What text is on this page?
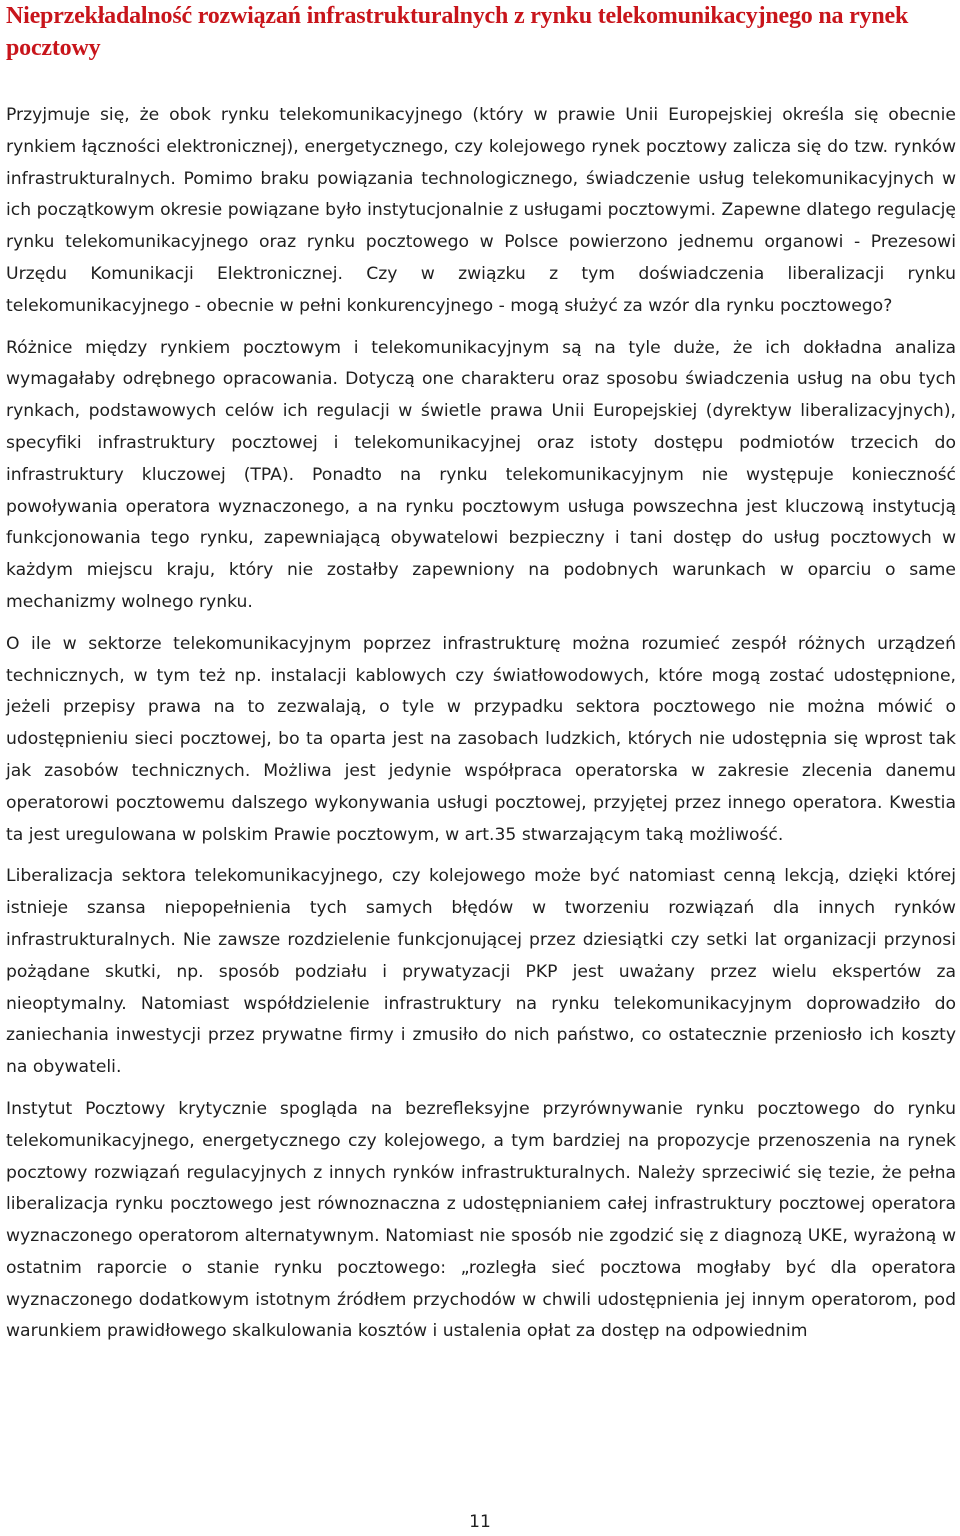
Nieprzekładalność rozwiązań infrastrukturalnych z rynku telekomunikacyjnego na rynek pocztowy

Przyjmuje się, że obok rynku telekomunikacyjnego (który w prawie Unii Europejskiej określa się obecnie rynkiem łączności elektronicznej), energetycznego, czy kolejowego rynek pocztowy zalicza się do tzw. rynków infrastrukturalnych. Pomimo braku powiązania technologicznego, świadczenie usług telekomunikacyjnych w ich początkowym okresie powiązane było instytucjonalnie z usługami pocztowymi. Zapewne dlatego regulację rynku telekomunikacyjnego oraz rynku pocztowego w Polsce powierzono jednemu organowi - Prezesowi Urzędu Komunikacji Elektronicznej. Czy w związku z tym doświadczenia liberalizacji rynku telekomunikacyjnego - obecnie w pełni konkurencyjnego - mogą służyć za wzór dla rynku pocztowego?

Różnice między rynkiem pocztowym i telekomunikacyjnym są na tyle duże, że ich dokładna analiza wymagałaby odrębnego opracowania. Dotyczą one charakteru oraz sposobu świadczenia usług na obu tych rynkach, podstawowych celów ich regulacji w świetle prawa Unii Europejskiej (dyrektyw liberalizacyjnych), specyfiki infrastruktury pocztowej i telekomunikacyjnej oraz istoty dostępu podmiotów trzecich do infrastruktury kluczowej (TPA). Ponadto na rynku telekomunikacyjnym nie występuje konieczność powoływania operatora wyznaczonego, a na rynku pocztowym usługa powszechna jest kluczową instytucją funkcjonowania tego rynku, zapewniającą obywatelowi bezpieczny i tani dostęp do usług pocztowych w każdym miejscu kraju, który nie zostałby zapewniony na podobnych warunkach w oparciu o same mechanizmy wolnego rynku.

O ile w sektorze telekomunikacyjnym poprzez infrastrukturę można rozumieć zespół różnych urządzeń technicznych, w tym też np. instalacji kablowych czy światłowodowych, które mogą zostać udostępnione, jeżeli przepisy prawa na to zezwalają, o tyle w przypadku sektora pocztowego nie można mówić o udostępnieniu sieci pocztowej, bo ta oparta jest na zasobach ludzkich, których nie udostępnia się wprost tak jak zasobów technicznych. Możliwa jest jedynie współpraca operatorska w zakresie zlecenia danemu operatorowi pocztowemu dalszego wykonywania usługi pocztowej, przyjętej przez innego operatora. Kwestia ta jest uregulowana w polskim Prawie pocztowym, w art.35 stwarzającym taką możliwość.

Liberalizacja sektora telekomunikacyjnego, czy kolejowego może być natomiast cenną lekcją, dzięki której istnieje szansa niepopełnienia tych samych błędów w tworzeniu rozwiązań dla innych rynków infrastrukturalnych. Nie zawsze rozdzielenie funkcjonującej przez dziesiątki czy setki lat organizacji przynosi pożądane skutki, np. sposób podziału i prywatyzacji PKP jest uważany przez wielu ekspertów za nieoptymalny. Natomiast współdzielenie infrastruktury na rynku telekomunikacyjnym doprowadziło do zaniechania inwestycji przez prywatne firmy i zmusiło do nich państwo, co ostatecznie przeniosło ich koszty na obywateli.

Instytut Pocztowy krytycznie spogląda na bezrefleksyjne przyrównywanie rynku pocztowego do rynku telekomunikacyjnego, energetycznego czy kolejowego, a tym bardziej na propozycje przenoszenia na rynek pocztowy rozwiązań regulacyjnych z innych rynków infrastrukturalnych. Należy sprzeciwić się tezie, że pełna liberalizacja rynku pocztowego jest równoznaczna z udostępnianiem całej infrastruktury pocztowej operatora wyznaczonego operatorom alternatywnym. Natomiast nie sposób nie zgodzić się z diagnozą UKE, wyrażoną w ostatnim raporcie o stanie rynku pocztowego: „rozległa sieć pocztowa mogłaby być dla operatora wyznaczonego dodatkowym istotnym źródłem przychodów w chwili udostępnienia jej innym operatorom, pod warunkiem prawidłowego skalkulowania kosztów i ustalenia opłat za dostęp na odpowiednim

11
